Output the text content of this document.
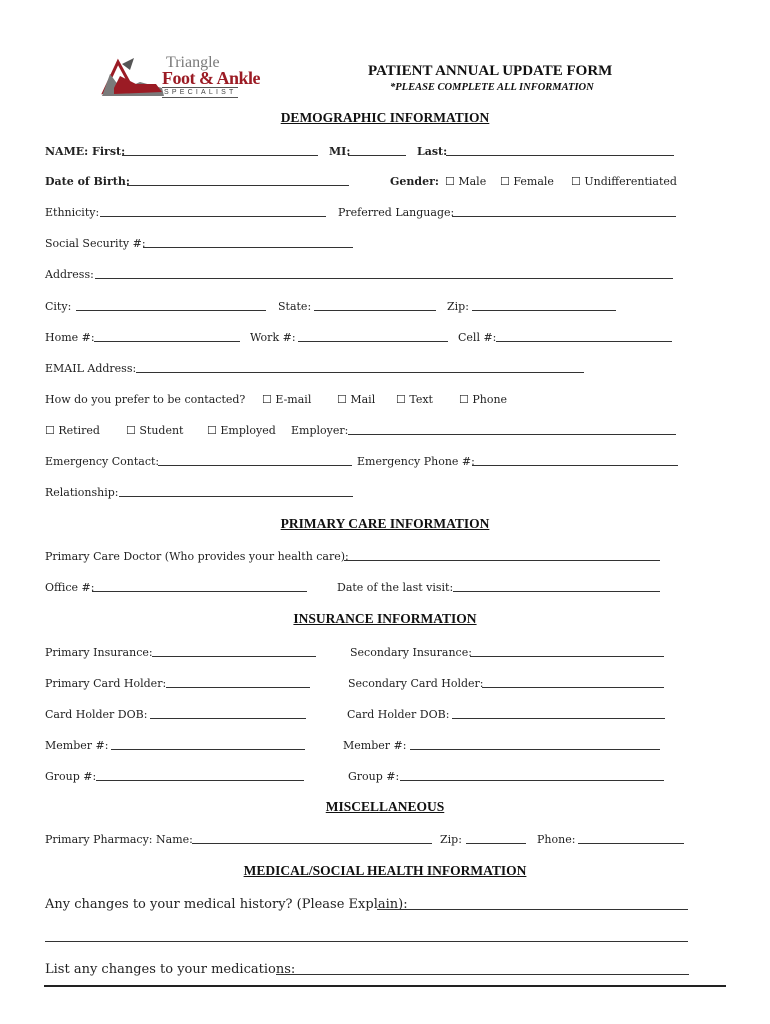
Triangle
Foot & Ankle
SPECIALIST
PATIENT ANNUAL UPDATE FORM
*PLEASE COMPLETE ALL INFORMATION
DEMOGRAPHIC INFORMATION
NAME: First:	MI:	Last:
Date of Birth:	Gender: ☐ Male ☐ Female ☐ Undifferentiated
Ethnicity:	Preferred Language:
Social Security #:
Address:
City:	State:	Zip:
Home #:	Work #:	Cell #:
EMAIL Address:
How do you prefer to be contacted? ☐ E-mail ☐ Mail ☐ Text ☐ Phone
☐ Retired ☐ Student ☐ Employed Employer:
Emergency Contact:	Emergency Phone #:
Relationship:
PRIMARY CARE INFORMATION
Primary Care Doctor (Who provides your health care):
Office #:	Date of the last visit:
INSURANCE INFORMATION
Primary Insurance:	Secondary Insurance:
Primary Card Holder:	Secondary Card Holder:
Card Holder DOB:	Card Holder DOB:
Member #:	Member #:
Group #:	Group #:
MISCELLANEOUS
Primary Pharmacy: Name:	Zip:	Phone:
MEDICAL/SOCIAL HEALTH INFORMATION
Any changes to your medical history? (Please Explain):
List any changes to your medications:
